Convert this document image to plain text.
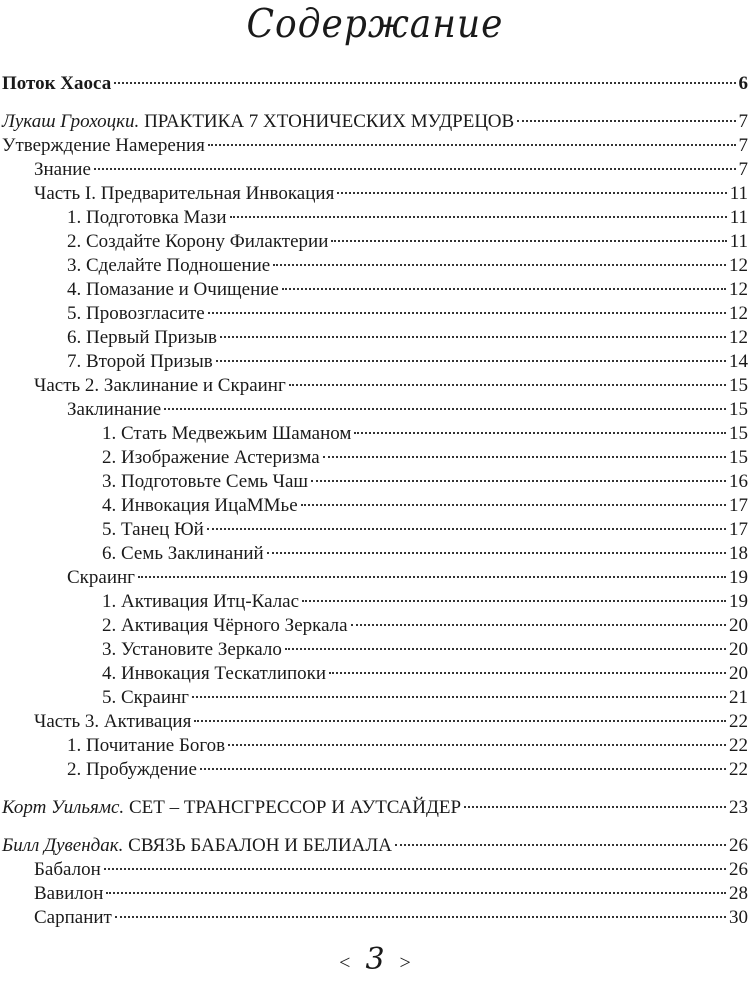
Содержание
Поток Хаоса	6
Лукаш Грохоцки. ПРАКТИКА 7 ХТОНИЧЕСКИХ МУДРЕЦОВ	7
Утверждение Намерения	7
Знание	7
Часть I. Предварительная Инвокация	11
1. Подготовка Мази	11
2. Создайте Корону Филактерии	11
3. Сделайте Подношение	12
4. Помазание и Очищение	12
5. Провозгласите	12
6. Первый Призыв	12
7. Второй Призыв	14
Часть 2. Заклинание и Скраинг	15
Заклинание	15
1. Стать Медвежьим Шаманом	15
2. Изображение Астеризма	15
3. Подготовьте Семь Чаш	16
4. Инвокация ИцаММье	17
5. Танец Юй	17
6. Семь Заклинаний	18
Скраинг	19
1. Активация Итц-Калас	19
2. Активация Чёрного Зеркала	20
3. Установите Зеркало	20
4. Инвокация Тескатлипоки	20
5. Скраинг	21
Часть 3. Активация	22
1. Почитание Богов	22
2. Пробуждение	22
Корт Уильямс. СЕТ – ТРАНСГРЕССОР И АУТСАЙДЕР	23
Билл Дувендак. СВЯЗЬ БАБАЛОН И БЕЛИАЛА	26
Бабалон	26
Вавилон	28
Сарпанит	30
< 3 >
